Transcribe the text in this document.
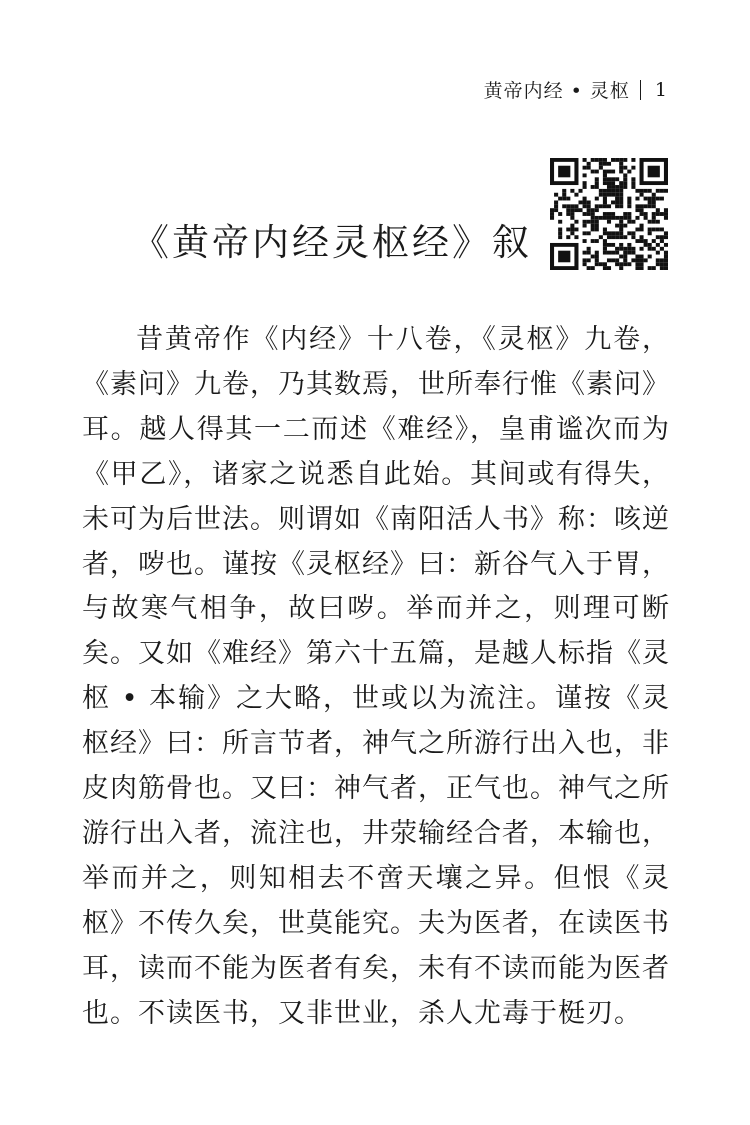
黄帝内经 • 灵枢 1
《黄帝内经灵枢经》叙

昔黄帝作《内经》十八卷，《灵枢》九卷，《素问》九卷，乃其数焉，世所奉行惟《素问》耳。越人得其一二而述《难经》，皇甫谧次而为《甲乙》，诸家之说悉自此始。其间或有得失，未可为后世法。则谓如《南阳活人书》称：咳逆者，哕也。谨按《灵枢经》曰：新谷气入于胃，与故寒气相争，故曰哕。举而并之，则理可断矣。又如《难经》第六十五篇，是越人标指《灵枢 • 本输》之大略，世或以为流注。谨按《灵枢经》曰：所言节者，神气之所游行出入也，非皮肉筋骨也。又曰：神气者，正气也。神气之所游行出入者，流注也，井荥输经合者，本输也，举而并之，则知相去不啻天壤之异。但恨《灵枢》不传久矣，世莫能究。夫为医者，在读医书耳，读而不能为医者有矣，未有不读而能为医者也。不读医书，又非世业，杀人尤毒于梃刃。
